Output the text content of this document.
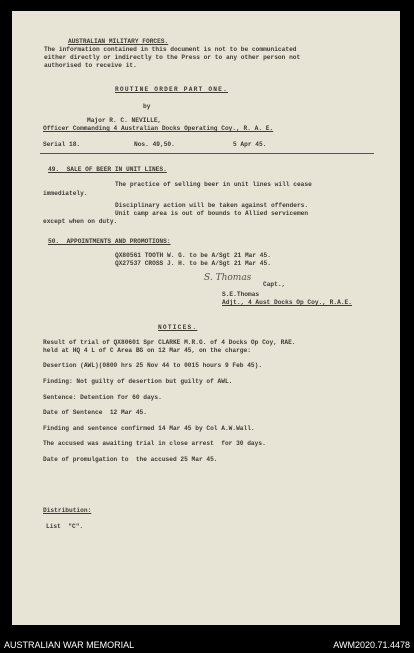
AUSTRALIAN MILITARY FORCES.
The information contained in this document is not to be communicated
either directly or indirectly to the Press or to any other person not
authorised to receive it.
ROUTINE ORDER PART ONE.
by
Major R. C. NEVILLE,
Officer Commanding 4 Australian Docks Operating Coy., R. A. E.
Serial 18.	Nos. 49,50.	5 Apr 45.
49.  SALE OF BEER IN UNIT LINES.
The practice of selling beer in unit lines will cease
immediately.
Disciplinary action will be taken against offenders.
Unit camp area is out of bounds to Allied servicemen
except when on duty.
50.  APPOINTMENTS AND PROMOTIONS:
QX80561 TOOTH W. G. to be A/Sgt 21 Mar 45.
QX27537 CROSS J. H. to be A/Sgt 21 Mar 45.
S. Thomas
Capt.,
S.E.Thomas
Adjt., 4 Aust Docks Op Coy., R.A.E.
NOTICES.
Result of trial of QX80601 Spr CLARKE M.R.G. of 4 Docks Op Coy, RAE.
held at HQ 4 L of C Area BG on 12 Mar 45, on the charge:
Desertion (AWL)(0800 hrs 25 Nov 44 to 0015 hours 9 Feb 45).
Finding: Not guilty of desertion but guilty of AWL.
Sentence: Detention for 60 days.
Date of Sentence  12 Mar 45.
Finding and sentence confirmed 14 Mar 45 by Col A.W.Wall.
The accused was awaiting trial in close arrest  for 30 days.
Date of promulgation to  the accused 25 Mar 45.
Distribution:
List  "C".
AUSTRALIAN WAR MEMORIAL	AWM2020.71.4478
